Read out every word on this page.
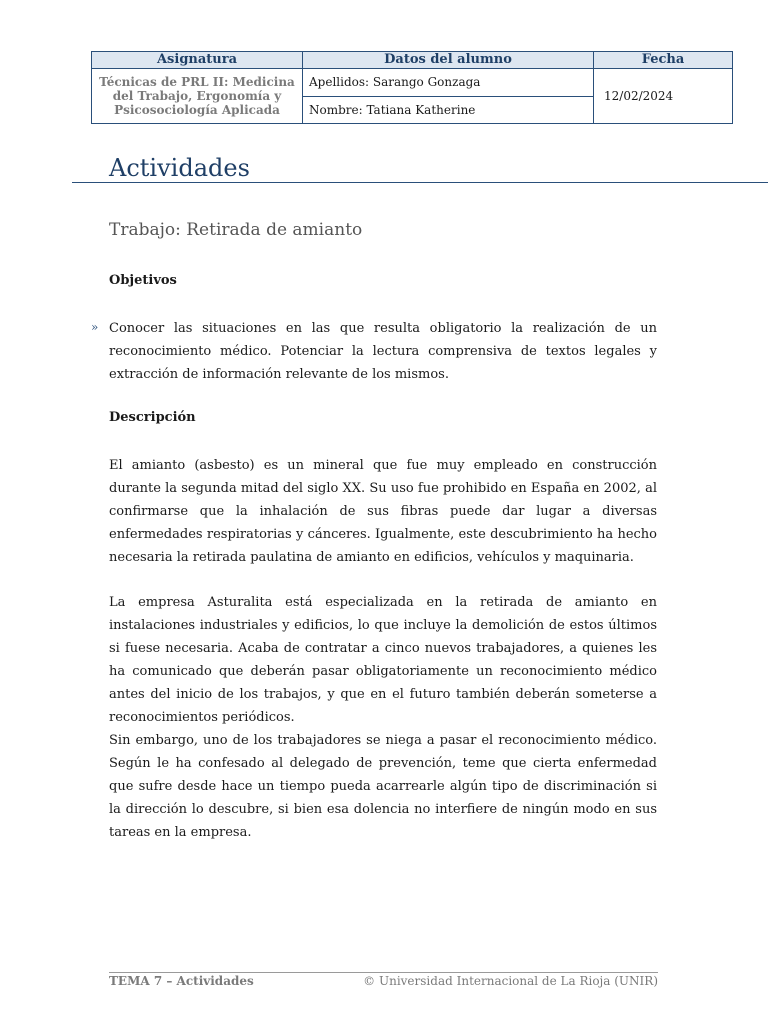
Asignatura	Datos del alumno	Fecha
Técnicas de PRL II: Medicina del Trabajo, Ergonomía y Psicosociología Aplicada	Apellidos: Sarango Gonzaga	12/02/2024
	Nombre: Tatiana Katherine	
Actividades
Trabajo: Retirada de amianto
Objetivos
» Conocer las situaciones en las que resulta obligatorio la realización de un reconocimiento médico. Potenciar la lectura comprensiva de textos legales y extracción de información relevante de los mismos.

Descripción

El amianto (asbesto) es un mineral que fue muy empleado en construcción durante la segunda mitad del siglo XX. Su uso fue prohibido en España en 2002, al confirmarse que la inhalación de sus fibras puede dar lugar a diversas enfermedades respiratorias y cánceres. Igualmente, este descubrimiento ha hecho necesaria la retirada paulatina de amianto en edificios, vehículos y maquinaria.

La empresa Asturalita está especializada en la retirada de amianto en instalaciones industriales y edificios, lo que incluye la demolición de estos últimos si fuese necesaria. Acaba de contratar a cinco nuevos trabajadores, a quienes les ha comunicado que deberán pasar obligatoriamente un reconocimiento médico antes del inicio de los trabajos, y que en el futuro también deberán someterse a reconocimientos periódicos.

Sin embargo, uno de los trabajadores se niega a pasar el reconocimiento médico. Según le ha confesado al delegado de prevención, teme que cierta enfermedad que sufre desde hace un tiempo pueda acarrearle algún tipo de discriminación si la dirección lo descubre, si bien esa dolencia no interfiere de ningún modo en sus tareas en la empresa.

TEMA 7 – Actividades	© Universidad Internacional de La Rioja (UNIR)
